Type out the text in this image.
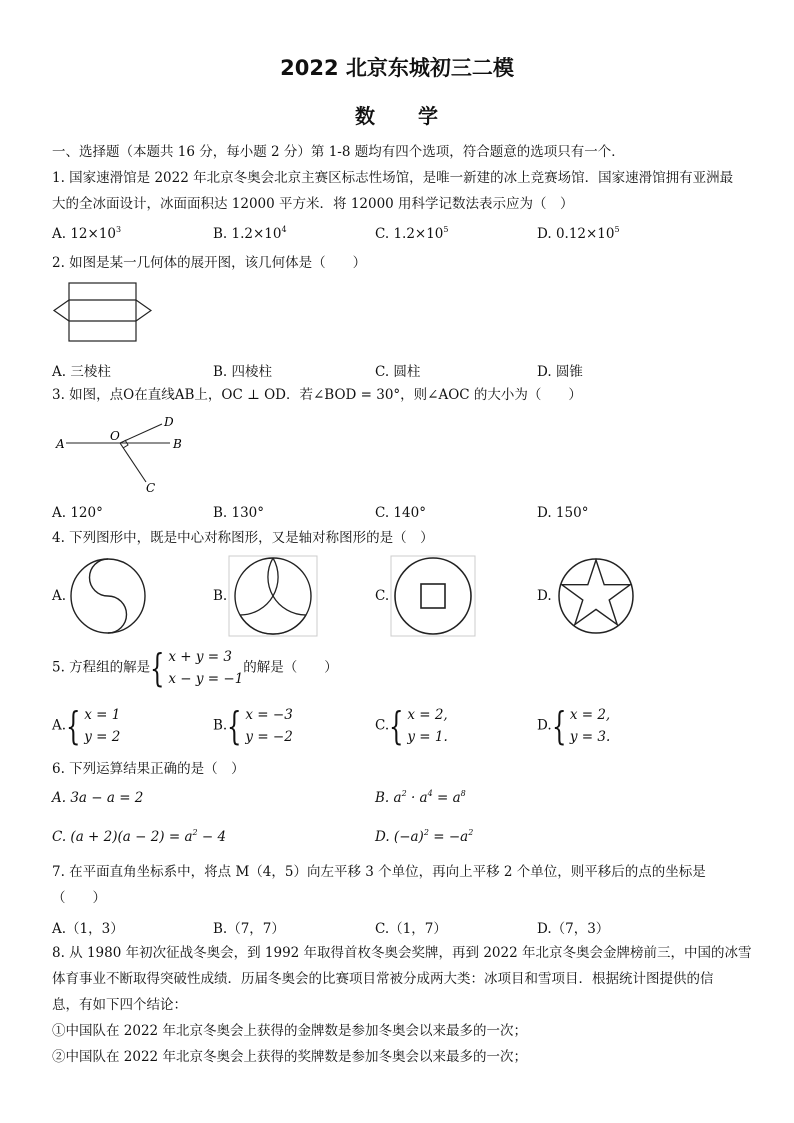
2022 北京东城初三二模
数　　学
一、选择题（本题共 16 分，每小题 2 分）第 1-8 题均有四个选项，符合题意的选项只有一个．
1. 国家速滑馆是 2022 年北京冬奥会北京主赛区标志性场馆，是唯一新建的冰上竞赛场馆．国家速滑馆拥有亚洲最
大的全冰面设计，冰面面积达 12000 平方米．将 12000 用科学记数法表示应为（　）
A. $12\times 10^3$	B. $1.2\times 10^4$	C. $1.2\times 10^5$	D. $0.12\times 10^5$
2. 如图是某一几何体的展开图，该几何体是（　　）
A. 三棱柱	B. 四棱柱	C. 圆柱	D. 圆锥
3. 如图，点O在直线AB上，OC ⊥ OD．若∠BOD = 30°，则∠AOC 的大小为（　　）
A	B
O
D
C
A. 120°	B. 130°	C. 140°	D. 150°
4. 下列图形中，既是中心对称图形，又是轴对称图形的是（　）
A.	B.	C.	D.
5. 方程组的解是{ x + y = 3
x − y = −1的解是（　　）
A.{ x = 1
y = 2
B.{ x = −3
y = −2
C.{ x = 2,
y = 1.
D.{ x = 2,
y = 3.
6. 下列运算结果正确的是（　）
A. 3a − a = 2	B. $a^2 \cdot a^4 = a^8$
C. $(a + 2)(a - 2) = a^2 - 4$	D. $(-a)^2 = -a^2$
7. 在平面直角坐标系中，将点 M（4，5）向左平移 3 个单位，再向上平移 2 个单位，则平移后的点的坐标是
（　　）
A.（1，3）	B.（7，7）	C.（1，7）	D.（7，3）
8. 从 1980 年初次征战冬奥会，到 1992 年取得首枚冬奥会奖牌，再到 2022 年北京冬奥会金牌榜前三，中国的冰雪
体育事业不断取得突破性成绩．历届冬奥会的比赛项目常被分成两大类：冰项目和雪项目．根据统计图提供的信
息，有如下四个结论：
①中国队在 2022 年北京冬奥会上获得的金牌数是参加冬奥会以来最多的一次；
②中国队在 2022 年北京冬奥会上获得的奖牌数是参加冬奥会以来最多的一次；
